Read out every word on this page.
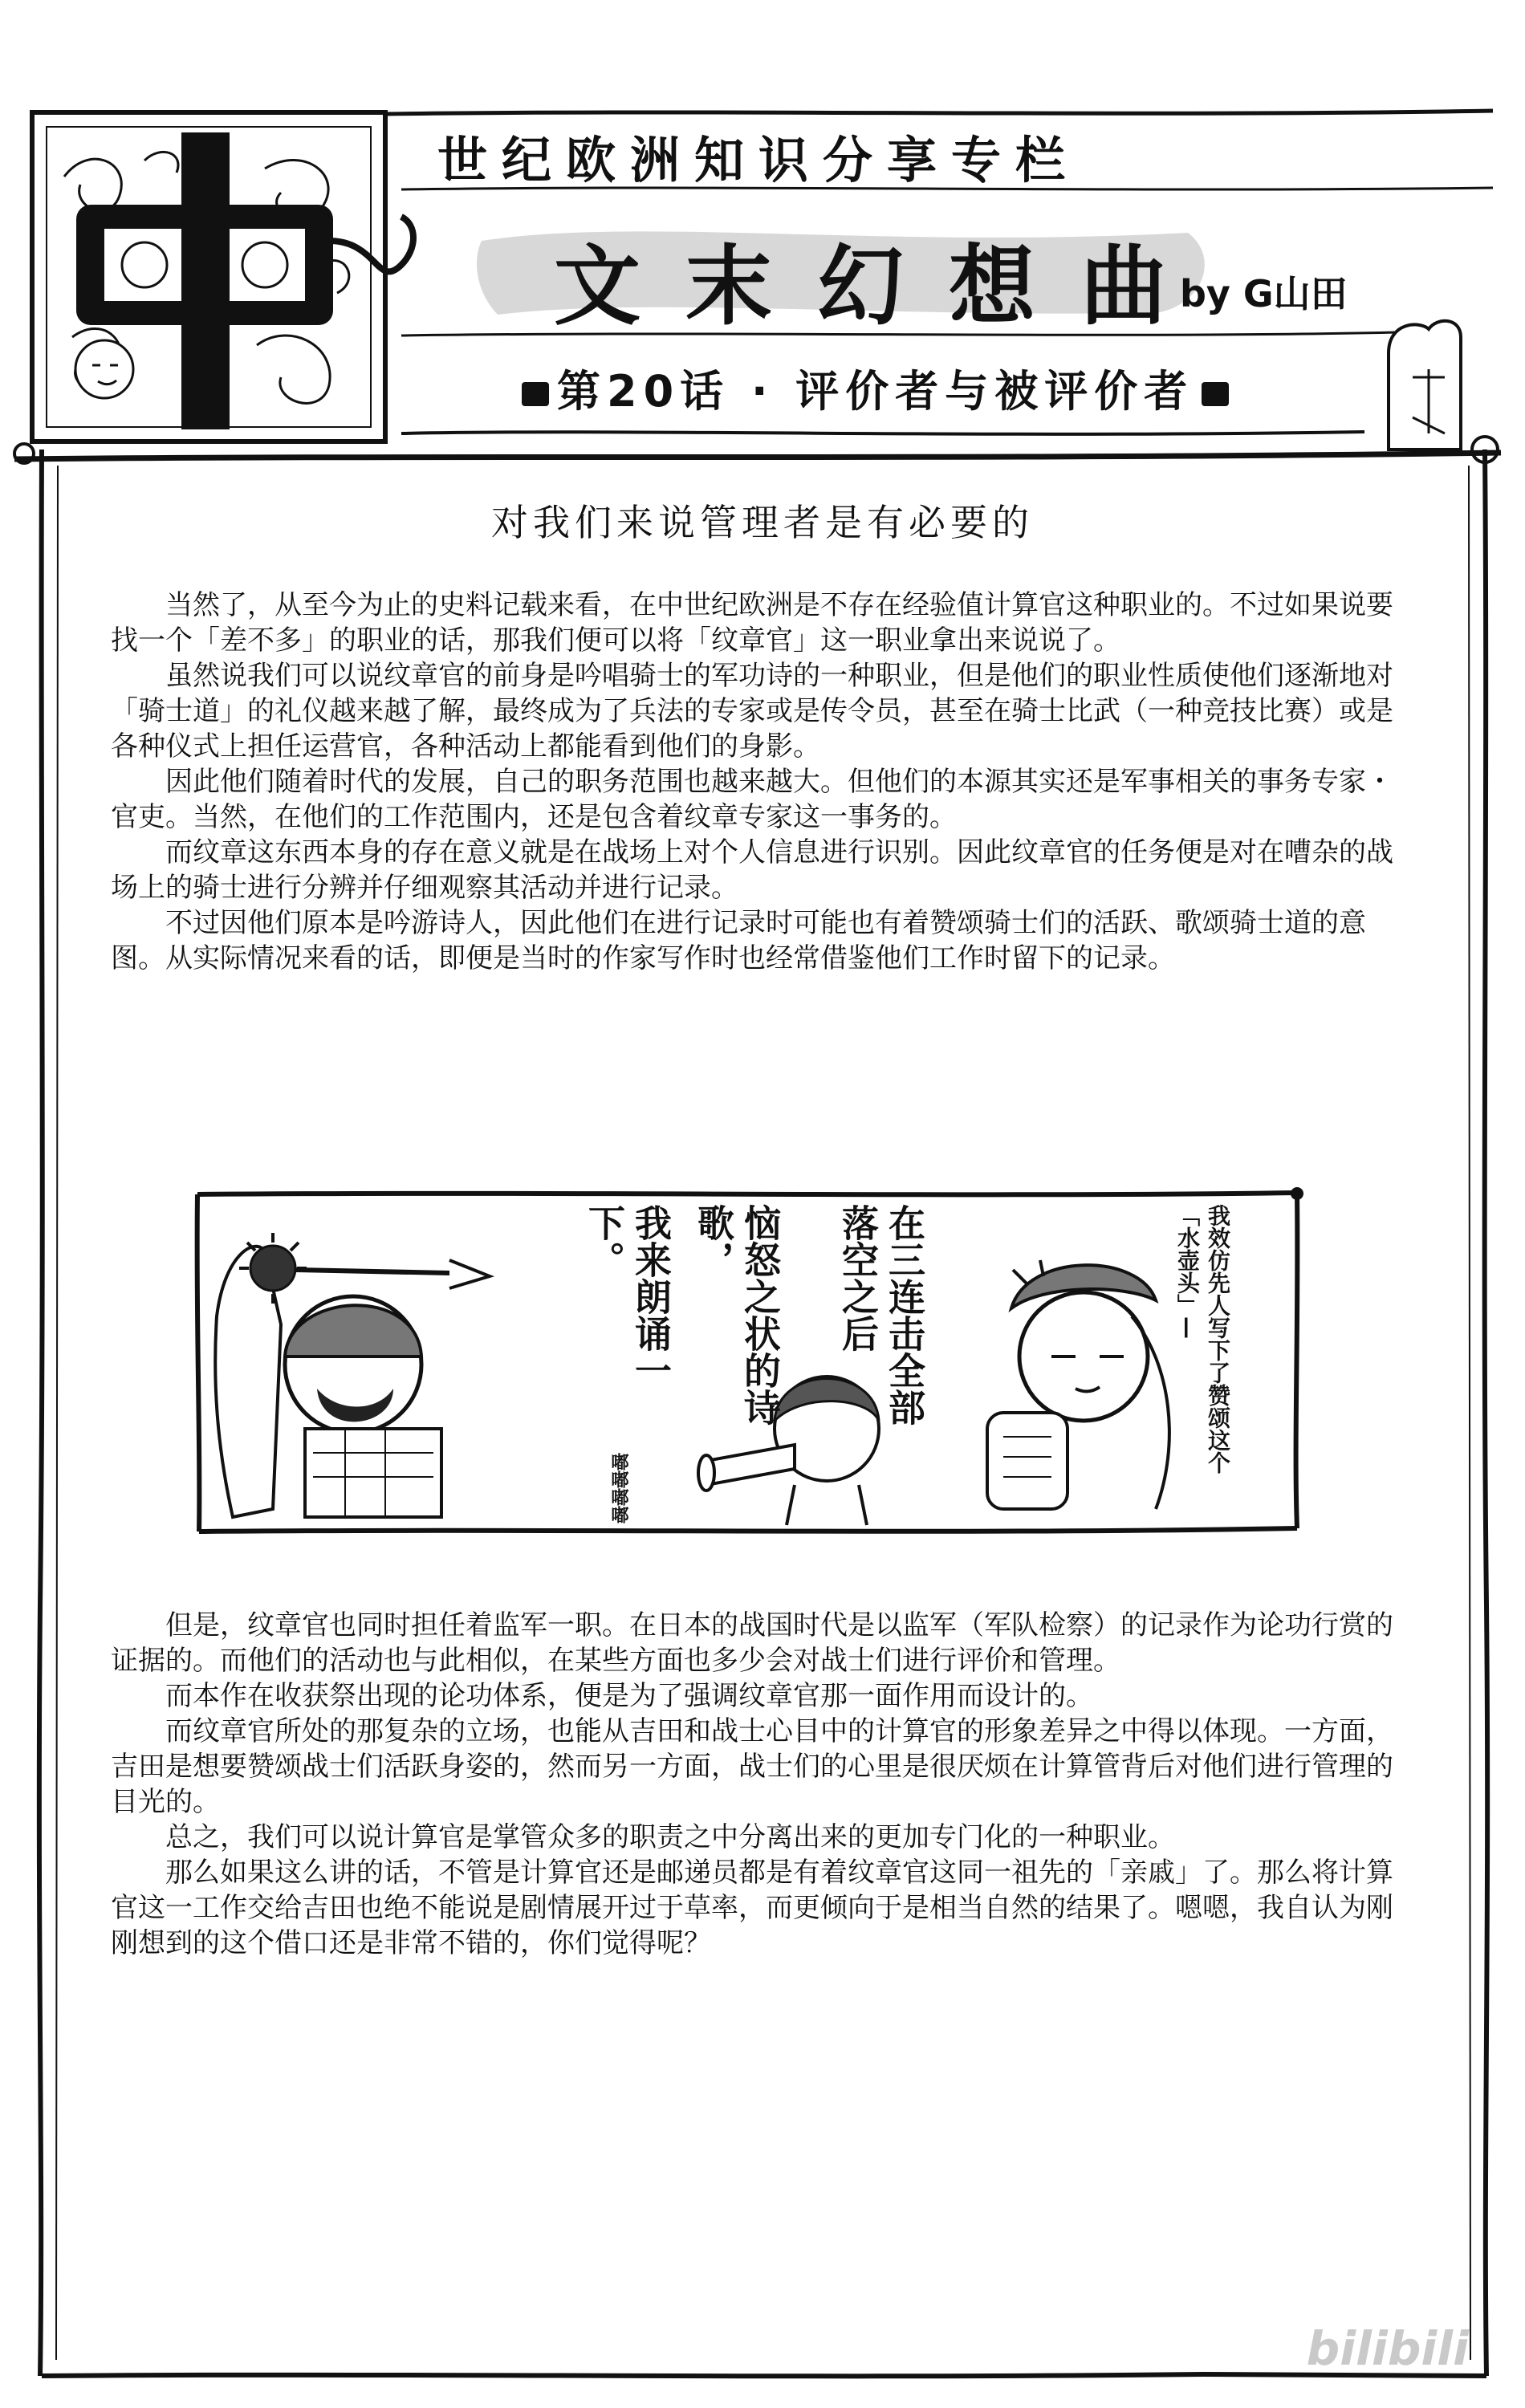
世纪欧洲知识分享专栏
文末幻想曲
by G山田
第20话 · 评价者与被评价者
对我们来说管理者是有必要的

当然了，从至今为止的史料记载来看，在中世纪欧洲是不存在经验值计算官这种职业的。不过如果说要找一个「差不多」的职业的话，那我们便可以将「纹章官」这一职业拿出来说说了。

虽然说我们可以说纹章官的前身是吟唱骑士的军功诗的一种职业，但是他们的职业性质使他们逐渐地对「骑士道」的礼仪越来越了解，最终成为了兵法的专家或是传令员，甚至在骑士比武（一种竞技比赛）或是各种仪式上担任运营官，各种活动上都能看到他们的身影。

因此他们随着时代的发展，自己的职务范围也越来越大。但他们的本源其实还是军事相关的事务专家・官吏。当然，在他们的工作范围内，还是包含着纹章专家这一事务的。

而纹章这东西本身的存在意义就是在战场上对个人信息进行识别。因此纹章官的任务便是对在嘈杂的战场上的骑士进行分辨并仔细观察其活动并进行记录。

不过因他们原本是吟游诗人，因此他们在进行记录时可能也有着赞颂骑士们的活跃、歌颂骑士道的意图。从实际情况来看的话，即便是当时的作家写作时也经常借鉴他们工作时留下的记录。

我效仿先人写下了赞颂这个「水壶头」—
在三连击全部落空之后
恼怒之状的诗歌，
我来朗诵一下。
嘟嘟嘟嘟

但是，纹章官也同时担任着监军一职。在日本的战国时代是以监军（军队检察）的记录作为论功行赏的证据的。而他们的活动也与此相似，在某些方面也多少会对战士们进行评价和管理。

而本作在收获祭出现的论功体系，便是为了强调纹章官那一面作用而设计的。

而纹章官所处的那复杂的立场，也能从吉田和战士心目中的计算官的形象差异之中得以体现。一方面，吉田是想要赞颂战士们活跃身姿的，然而另一方面，战士们的心里是很厌烦在计算管背后对他们进行管理的目光的。

总之，我们可以说计算官是掌管众多的职责之中分离出来的更加专门化的一种职业。

那么如果这么讲的话，不管是计算官还是邮递员都是有着纹章官这同一祖先的「亲戚」了。那么将计算官这一工作交给吉田也绝不能说是剧情展开过于草率，而更倾向于是相当自然的结果了。嗯嗯，我自认为刚刚想到的这个借口还是非常不错的，你们觉得呢？

bilibili
